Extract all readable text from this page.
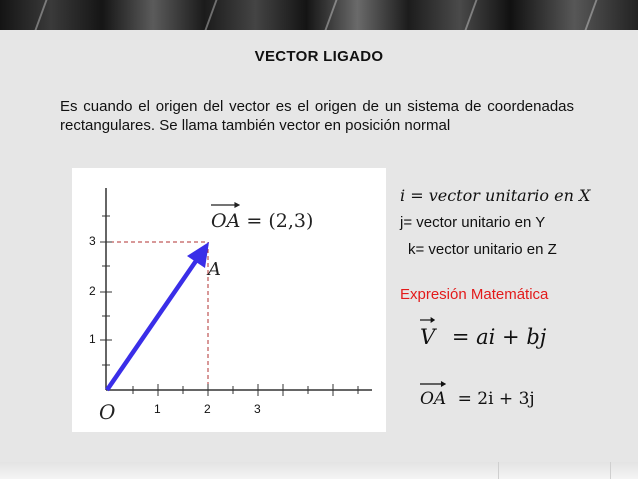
VECTOR LIGADO
Es cuando el origen del vector es el origen de un sistema de coordenadas rectangulares. Se llama también vector en posición normal
3
2
1
1	2	3
O
A
OA = (2,3)
i = vector unitario en X
j= vector unitario en Y
k= vector unitario en Z
Expresión Matemática
V = ai + bj
OA = 2i + 3j
